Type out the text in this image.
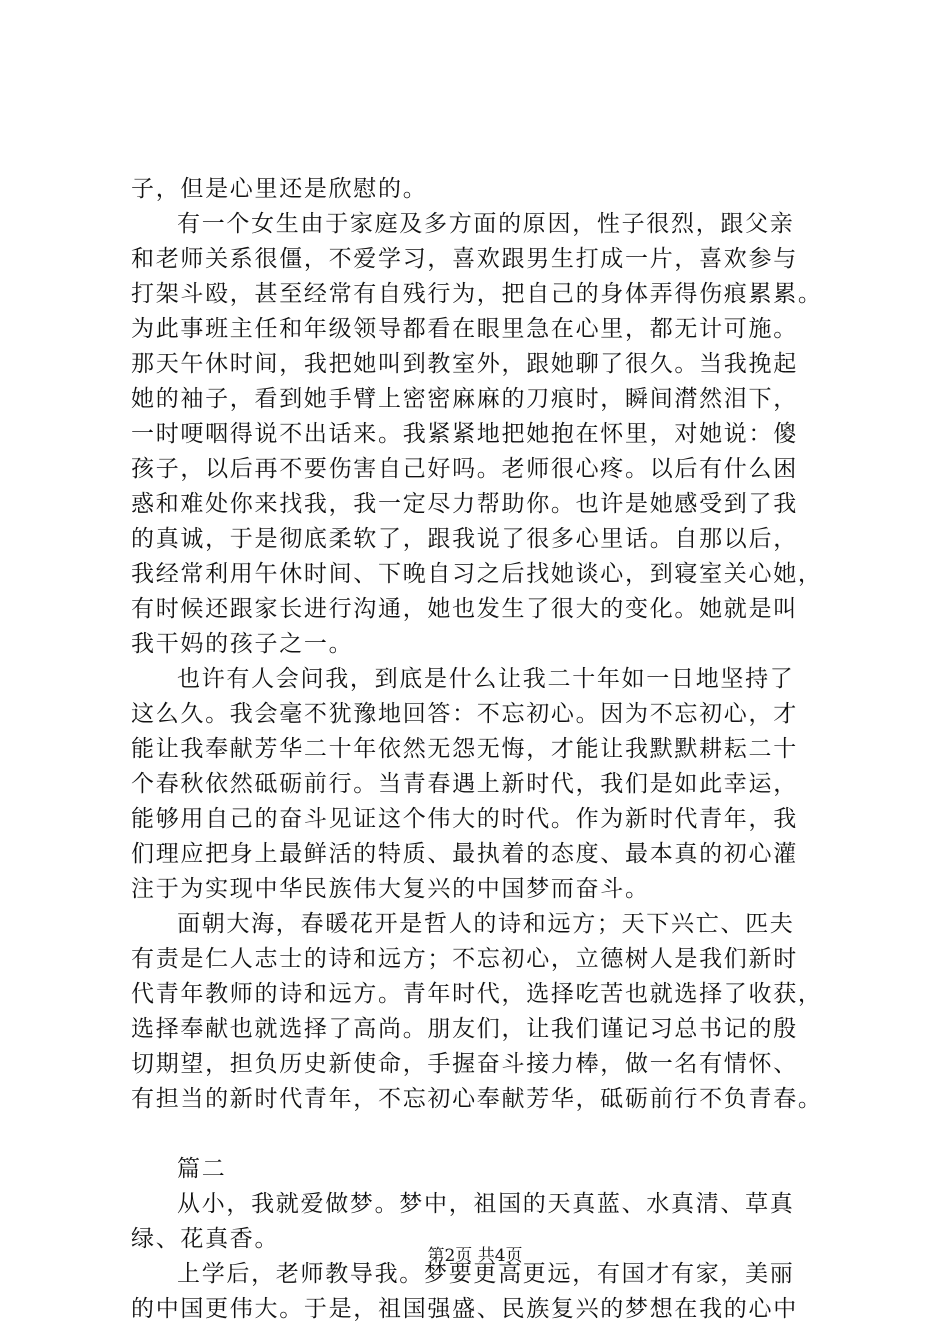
子，但是心里还是欣慰的。
有一个女生由于家庭及多方面的原因，性子很烈，跟父亲
和老师关系很僵，不爱学习，喜欢跟男生打成一片，喜欢参与
打架斗殴，甚至经常有自残行为，把自己的身体弄得伤痕累累。
为此事班主任和年级领导都看在眼里急在心里，都无计可施。
那天午休时间，我把她叫到教室外，跟她聊了很久。当我挽起
她的袖子，看到她手臂上密密麻麻的刀痕时，瞬间潸然泪下，
一时哽咽得说不出话来。我紧紧地把她抱在怀里，对她说：傻
孩子，以后再不要伤害自己好吗。老师很心疼。以后有什么困
惑和难处你来找我，我一定尽力帮助你。也许是她感受到了我
的真诚，于是彻底柔软了，跟我说了很多心里话。自那以后，
我经常利用午休时间、下晚自习之后找她谈心，到寝室关心她，
有时候还跟家长进行沟通，她也发生了很大的变化。她就是叫
我干妈的孩子之一。
也许有人会问我，到底是什么让我二十年如一日地坚持了
这么久。我会毫不犹豫地回答：不忘初心。因为不忘初心，才
能让我奉献芳华二十年依然无怨无悔，才能让我默默耕耘二十
个春秋依然砥砺前行。当青春遇上新时代，我们是如此幸运，
能够用自己的奋斗见证这个伟大的时代。作为新时代青年，我
们理应把身上最鲜活的特质、最执着的态度、最本真的初心灌
注于为实现中华民族伟大复兴的中国梦而奋斗。
面朝大海，春暖花开是哲人的诗和远方；天下兴亡、匹夫
有责是仁人志士的诗和远方；不忘初心，立德树人是我们新时
代青年教师的诗和远方。青年时代，选择吃苦也就选择了收获，
选择奉献也就选择了高尚。朋友们，让我们谨记习总书记的殷
切期望，担负历史新使命，手握奋斗接力棒，做一名有情怀、
有担当的新时代青年，不忘初心奉献芳华，砥砺前行不负青春。
篇二
从小，我就爱做梦。梦中，祖国的天真蓝、水真清、草真
绿、花真香。
上学后，老师教导我。梦要更高更远，有国才有家，美丽
的中国更伟大。于是，祖国强盛、民族复兴的梦想在我的心中
第2页 共4页
